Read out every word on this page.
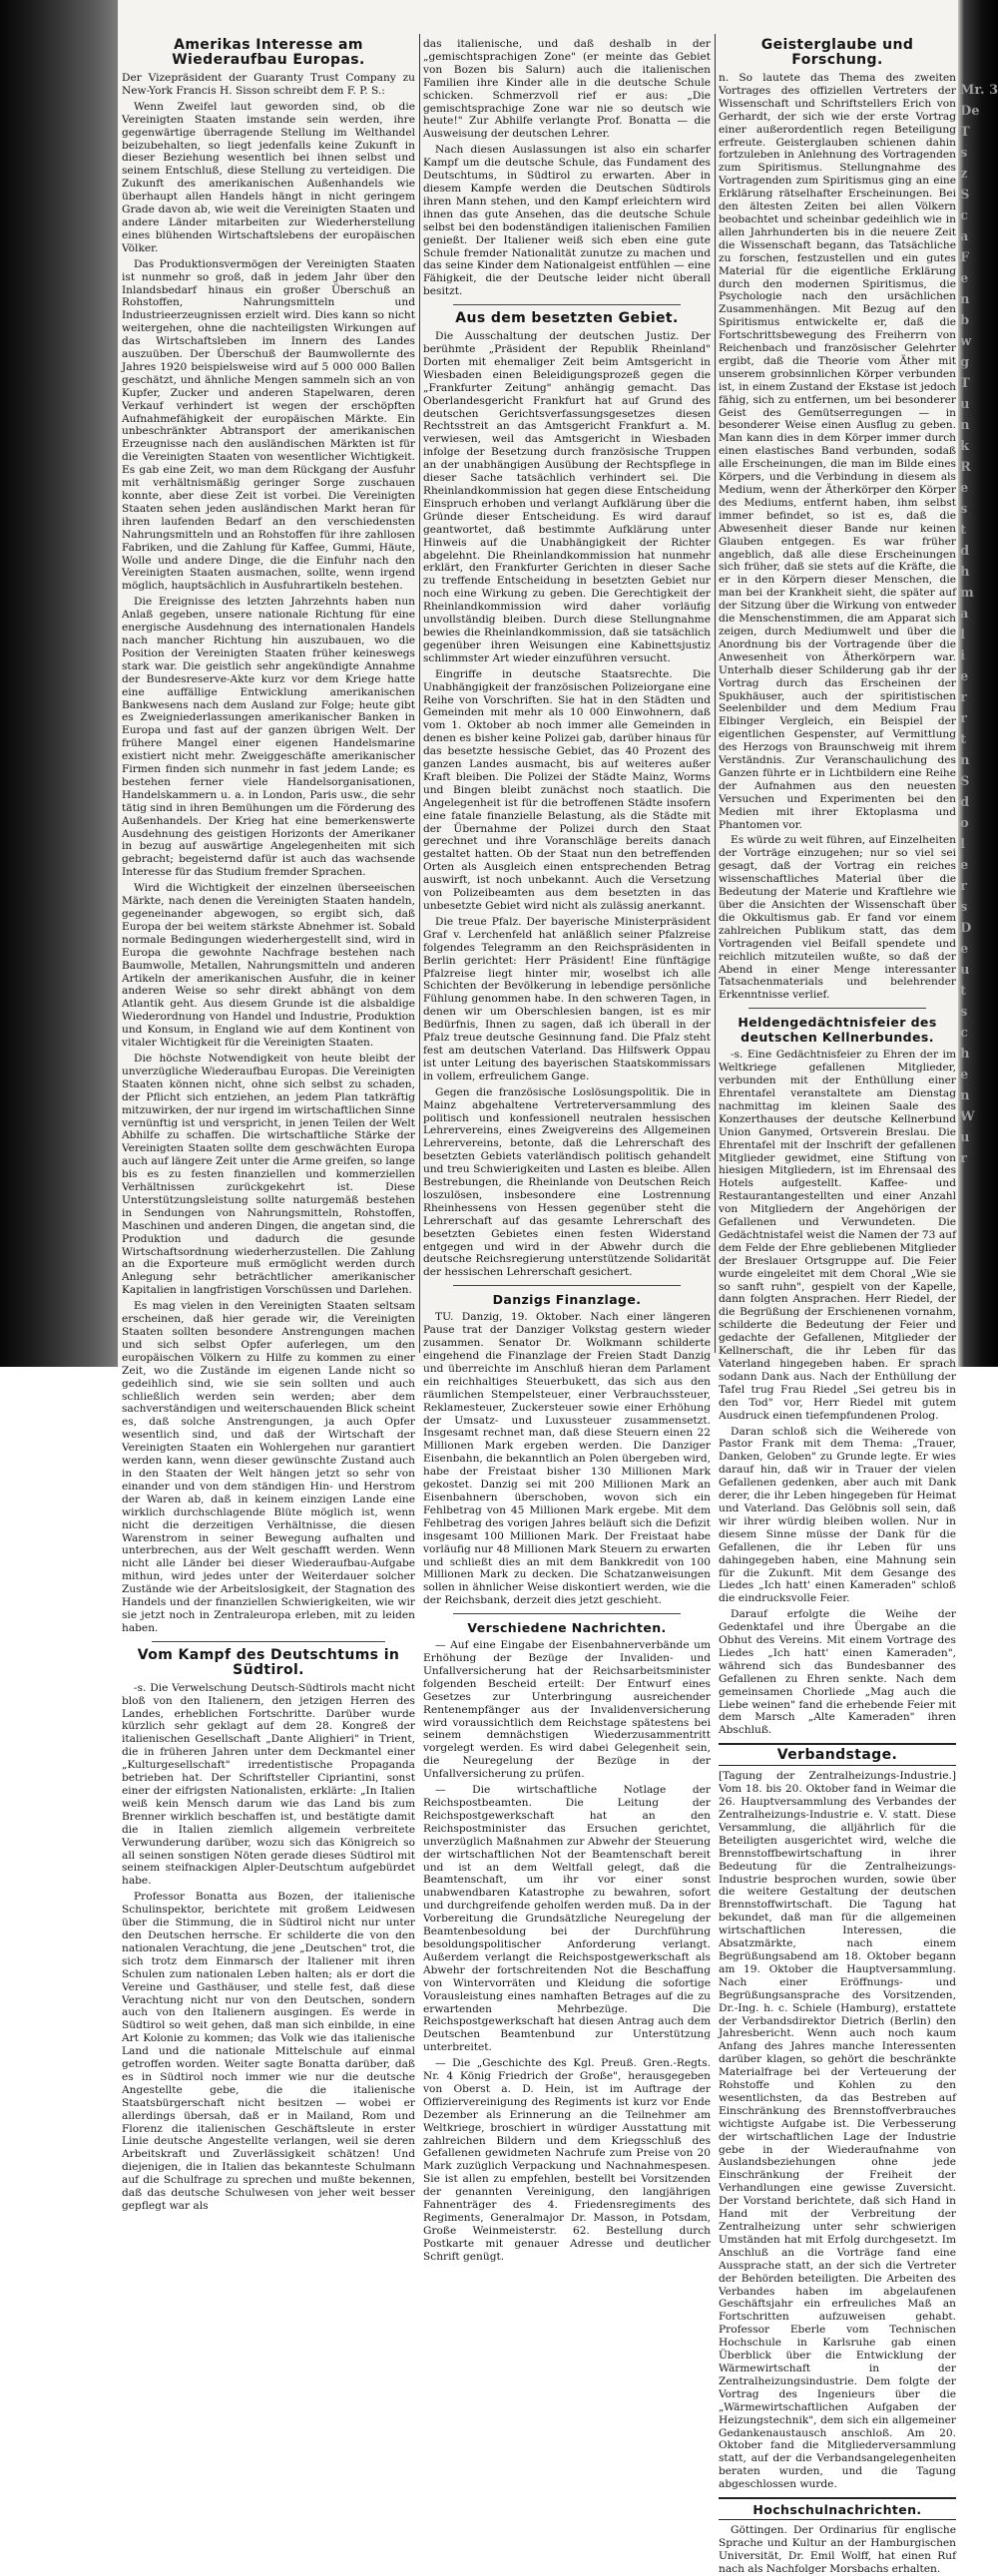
Mr. 3
De
T
s
z
S
c
a
F
e
n
b
w
g
T
u
n
k
R
e
s
t
d
h
m
a
l
i
e
r
r
t
n
S
d
o
l
e
r
s
D
e
u
t
s
c
h
e
n
W
u
r
Amerikas Interesse am Wiederaufbau Europas.

Der Vizepräsident der Guaranty Trust Company zu New-York Francis H. Sisson schreibt dem F. P. S.:

Wenn Zweifel laut geworden sind, ob die Vereinigten Staaten imstande sein werden, ihre gegenwärtige überragende Stellung im Welthandel beizubehalten, so liegt jedenfalls keine Zukunft in dieser Beziehung wesentlich bei ihnen selbst und seinem Entschluß, diese Stellung zu verteidigen. Die Zukunft des amerikanischen Außenhandels wie überhaupt allen Handels hängt in nicht geringem Grade davon ab, wie weit die Vereinigten Staaten und andere Länder mitarbeiten zur Wiederherstellung eines blühenden Wirtschaftslebens der europäischen Völker.

Das Produktionsvermögen der Vereinigten Staaten ist nunmehr so groß, daß in jedem Jahr über den Inlandsbedarf hinaus ein großer Überschuß an Rohstoffen, Nahrungsmitteln und Industrieerzeugnissen erzielt wird. Dies kann so nicht weitergehen, ohne die nachteiligsten Wirkungen auf das Wirtschaftsleben im Innern des Landes auszuüben. Der Überschuß der Baumwollernte des Jahres 1920 beispielsweise wird auf 5 000 000 Ballen geschätzt, und ähnliche Mengen sammeln sich an von Kupfer, Zucker und anderen Stapelwaren, deren Verkauf verhindert ist wegen der erschöpften Aufnahmefähigkeit der europäischen Märkte. Ein unbeschränkter Abtransport der amerikanischen Erzeugnisse nach den ausländischen Märkten ist für die Vereinigten Staaten von wesentlicher Wichtigkeit. Es gab eine Zeit, wo man dem Rückgang der Ausfuhr mit verhältnismäßig geringer Sorge zuschauen konnte, aber diese Zeit ist vorbei. Die Vereinigten Staaten sehen jeden ausländischen Markt heran für ihren laufenden Bedarf an den verschiedensten Nahrungsmitteln und an Rohstoffen für ihre zahllosen Fabriken, und die Zahlung für Kaffee, Gummi, Häute, Wolle und andere Dinge, die die Einfuhr nach den Vereinigten Staaten ausmachen, sollte, wenn irgend möglich, hauptsächlich in Ausfuhrartikeln bestehen.

Die Ereignisse des letzten Jahrzehnts haben nun Anlaß gegeben, unsere nationale Richtung für eine energische Ausdehnung des internationalen Handels nach mancher Richtung hin auszubauen, wo die Position der Vereinigten Staaten früher keineswegs stark war. Die geistlich sehr angekündigte Annahme der Bundesreserve-Akte kurz vor dem Kriege hatte eine auffällige Entwicklung amerikanischen Bankwesens nach dem Ausland zur Folge; heute gibt es Zweigniederlassungen amerikanischer Banken in Europa und fast auf der ganzen übrigen Welt. Der frühere Mangel einer eigenen Handelsmarine existiert nicht mehr. Zweiggeschäfte amerikanischer Firmen finden sich nunmehr in fast jedem Lande; es bestehen ferner viele Handelsorganisationen, Handelskammern u. a. in London, Paris usw., die sehr tätig sind in ihren Bemühungen um die Förderung des Außenhandels. Der Krieg hat eine bemerkenswerte Ausdehnung des geistigen Horizonts der Amerikaner in bezug auf auswärtige Angelegenheiten mit sich gebracht; begeisternd dafür ist auch das wachsende Interesse für das Studium fremder Sprachen.

Wird die Wichtigkeit der einzelnen überseeischen Märkte, nach denen die Vereinigten Staaten handeln, gegeneinander abgewogen, so ergibt sich, daß Europa der bei weitem stärkste Abnehmer ist. Sobald normale Bedingungen wiederhergestellt sind, wird in Europa die gewohnte Nachfrage bestehen nach Baumwolle, Metallen, Nahrungsmitteln und anderen Artikeln der amerikanischen Ausfuhr, die in keiner anderen Weise so sehr direkt abhängt von dem Atlantik geht. Aus diesem Grunde ist die alsbaldige Wiederordnung von Handel und Industrie, Produktion und Konsum, in England wie auf dem Kontinent von vitaler Wichtigkeit für die Vereinigten Staaten.

Die höchste Notwendigkeit von heute bleibt der unverzügliche Wiederaufbau Europas. Die Vereinigten Staaten können nicht, ohne sich selbst zu schaden, der Pflicht sich entziehen, an jedem Plan tatkräftig mitzuwirken, der nur irgend im wirtschaftlichen Sinne vernünftig ist und verspricht, in jenen Teilen der Welt Abhilfe zu schaffen. Die wirtschaftliche Stärke der Vereinigten Staaten sollte dem geschwächten Europa auch auf längere Zeit unter die Arme greifen, so lange bis es zu festen finanziellen und kommerziellen Verhältnissen zurückgekehrt ist. Diese Unterstützungsleistung sollte naturgemäß bestehen in Sendungen von Nahrungsmitteln, Rohstoffen, Maschinen und anderen Dingen, die angetan sind, die Produktion und dadurch die gesunde Wirtschaftsordnung wiederherzustellen. Die Zahlung an die Exporteure muß ermöglicht werden durch Anlegung sehr beträchtlicher amerikanischer Kapitalien in langfristigen Vorschüssen und Darlehen.

Es mag vielen in den Vereinigten Staaten seltsam erscheinen, daß hier gerade wir, die Vereinigten Staaten sollten besondere Anstrengungen machen und sich selbst Opfer auferlegen, um den europäischen Völkern zu Hilfe zu kommen zu einer Zeit, wo die Zustände im eigenen Lande nicht so gedeihlich sind, wie sie sein sollten und auch schließlich werden sein werden; aber dem sachverständigen und weiterschauenden Blick scheint es, daß solche Anstrengungen, ja auch Opfer wesentlich sind, und daß der Wirtschaft der Vereinigten Staaten ein Wohlergehen nur garantiert werden kann, wenn dieser gewünschte Zustand auch in den Staaten der Welt hängen jetzt so sehr von einander und von dem ständigen Hin- und Herstrom der Waren ab, daß in keinem einzigen Lande eine wirklich durchschlagende Blüte möglich ist, wenn nicht die derzeitigen Verhältnisse, die diesen Warenstrom in seiner Bewegung aufhalten und unterbrechen, aus der Welt geschafft werden. Wenn nicht alle Länder bei dieser Wiederaufbau-Aufgabe mithun, wird jedes unter der Weiterdauer solcher Zustände wie der Arbeitslosigkeit, der Stagnation des Handels und der finanziellen Schwierigkeiten, wie wir sie jetzt noch in Zentraleuropa erleben, mit zu leiden haben.

Vom Kampf des Deutschtums in Südtirol.

-s. Die Verwelschung Deutsch-Südtirols macht nicht bloß von den Italienern, den jetzigen Herren des Landes, erheblichen Fortschritte. Darüber wurde kürzlich sehr geklagt auf dem 28. Kongreß der italienischen Gesellschaft „Dante Alighieri" in Trient, die in früheren Jahren unter dem Deckmantel einer „Kulturgesellschaft" irredentistische Propaganda betrieben hat. Der Schriftsteller Cipriantini, sonst einer der eifrigsten Nationalisten, erklärte: „In Italien weiß kein Mensch darum wie das Land bis zum Brenner wirklich beschaffen ist, und bestätigte damit die in Italien ziemlich allgemein verbreitete Verwunderung darüber, wozu sich das Königreich so all seinen sonstigen Nöten gerade dieses Südtirol mit seinem steifnackigen Alpler-Deutschtum aufgebürdet habe.

Professor Bonatta aus Bozen, der italienische Schulinspektor, berichtete mit großem Leidwesen über die Stimmung, die in Südtirol nicht nur unter den Deutschen herrsche. Er schilderte die von den nationalen Verachtung, die jene „Deutschen" trot, die sich trotz dem Einmarsch der Italiener mit ihren Schulen zum nationalen Leben halten; als er dort die Vereine und Gasthäuser, und stelle fest, daß diese Verachtung nicht nur von den Deutschen, sondern auch von den Italienern ausgingen. Es werde in Südtirol so weit gehen, daß man sich einbilde, in eine Art Kolonie zu kommen; das Volk wie das italienische Land und die nationale Mittelschule auf einmal getroffen worden. Weiter sagte Bonatta darüber, daß es in Südtirol noch immer wie nur die deutsche Angestellte gebe, die die italienische Staatsbürgerschaft nicht besitzen — wobei er allerdings übersah, daß er in Mailand, Rom und Florenz die italienischen Geschäftsleute in erster Linie deutsche Angestellte verlangen, weil sie deren Arbeitskraft und Zuverlässigkeit schätzen! Und diejenigen, die in Italien das bekannteste Schulmann auf die Schulfrage zu sprechen und mußte bekennen, daß das deutsche Schulwesen von jeher weit besser gepflegt war als

das italienische, und daß deshalb in der „gemischtsprachigen Zone" (er meinte das Gebiet von Bozen bis Salurn) auch die italienischen Familien ihre Kinder alle in die deutsche Schule schicken. Schmerzvoll rief er aus: „Die gemischtsprachige Zone war nie so deutsch wie heute!" Zur Abhilfe verlangte Prof. Bonatta — die Ausweisung der deutschen Lehrer.

Nach diesen Auslassungen ist also ein scharfer Kampf um die deutsche Schule, das Fundament des Deutschtums, in Südtirol zu erwarten. Aber in diesem Kampfe werden die Deutschen Südtirols ihren Mann stehen, und den Kampf erleichtern wird ihnen das gute Ansehen, das die deutsche Schule selbst bei den bodenständigen italienischen Familien genießt. Der Italiener weiß sich eben eine gute Schule fremder Nationalität zunutze zu machen und das seine Kinder dem Nationalgeist entfühlen — eine Fähigkeit, die der Deutsche leider nicht überall besitzt.

Aus dem besetzten Gebiet.

Die Ausschaltung der deutschen Justiz. Der berühmte „Präsident der Republik Rheinland" Dorten mit ehemaliger Zeit beim Amtsgericht in Wiesbaden einen Beleidigungsprozeß gegen die „Frankfurter Zeitung" anhängig gemacht. Das Oberlandesgericht Frankfurt hat auf Grund des deutschen Gerichtsverfassungsgesetzes diesen Rechtsstreit an das Amtsgericht Frankfurt a. M. verwiesen, weil das Amtsgericht in Wiesbaden infolge der Besetzung durch französische Truppen an der unabhängigen Ausübung der Rechtspflege in dieser Sache tatsächlich verhindert sei. Die Rheinlandkommission hat gegen diese Entscheidung Einspruch erhoben und verlangt Aufklärung über die Gründe dieser Entscheidung. Es wird darauf geantwortet, daß bestimmte Aufklärung unter Hinweis auf die Unabhängigkeit der Richter abgelehnt. Die Rheinlandkommission hat nunmehr erklärt, den Frankfurter Gerichten in dieser Sache zu treffende Entscheidung in besetzten Gebiet nur noch eine Wirkung zu geben. Die Gerechtigkeit der Rheinlandkommission wird daher vorläufig unvollständig bleiben. Durch diese Stellungnahme bewies die Rheinlandkommission, daß sie tatsächlich gegenüber ihren Weisungen eine Kabinettsjustiz schlimmster Art wieder einzuführen versucht.

Eingriffe in deutsche Staatsrechte. Die Unabhängigkeit der französischen Polizeiorgane eine Reihe von Vorschriften. Sie hat in den Städten und Gemeinden mit mehr als 10 000 Einwohnern, daß vom 1. Oktober ab noch immer alle Gemeinden in denen es bisher keine Polizei gab, darüber hinaus für das besetzte hessische Gebiet, das 40 Prozent des ganzen Landes ausmacht, bis auf weiteres außer Kraft bleiben. Die Polizei der Städte Mainz, Worms und Bingen bleibt zunächst noch staatlich. Die Angelegenheit ist für die betroffenen Städte insofern eine fatale finanzielle Belastung, als die Städte mit der Übernahme der Polizei durch den Staat gerechnet und ihre Voranschläge bereits danach gestaltet hatten. Ob der Staat nun den betreffenden Orten als Ausgleich einen entsprechenden Betrag auswirft, ist noch unbekannt. Auch die Versetzung von Polizeibeamten aus dem besetzten in das unbesetzte Gebiet wird nicht als zulässig anerkannt.

Die treue Pfalz. Der bayerische Ministerpräsident Graf v. Lerchenfeld hat anläßlich seiner Pfalzreise folgendes Telegramm an den Reichspräsidenten in Berlin gerichtet: Herr Präsident! Eine fünftägige Pfalzreise liegt hinter mir, woselbst ich alle Schichten der Bevölkerung in lebendige persönliche Fühlung genommen habe. In den schweren Tagen, in denen wir um Oberschlesien bangen, ist es mir Bedürfnis, Ihnen zu sagen, daß ich überall in der Pfalz treue deutsche Gesinnung fand. Die Pfalz steht fest am deutschen Vaterland. Das Hilfswerk Oppau ist unter Leitung des bayerischen Staatskommissars in vollem, erfreulichem Gange.

Gegen die französische Loslösungspolitik. Die in Mainz abgehaltene Vertreterversammlung des politisch und konfessionell neutralen hessischen Lehrervereins, eines Zweigvereins des Allgemeinen Lehrervereins, betonte, daß die Lehrerschaft des besetzten Gebiets vaterländisch politisch gehandelt und treu Schwierigkeiten und Lasten es bleibe. Allen Bestrebungen, die Rheinlande von Deutschen Reich loszulösen, insbesondere eine Lostrennung Rheinhessens von Hessen gegenüber steht die Lehrerschaft auf das gesamte Lehrerschaft des besetzten Gebietes einen festen Widerstand entgegen und wird in der Abwehr durch die deutsche Reichsregierung unterstützende Solidarität der hessischen Lehrerschaft gesichert.

Danzigs Finanzlage.

TU. Danzig, 19. Oktober. Nach einer längeren Pause trat der Danziger Volkstag gestern wieder zusammen. Senator Dr. Wolkmann schilderte eingehend die Finanzlage der Freien Stadt Danzig und überreichte im Anschluß hieran dem Parlament ein reichhaltiges Steuerbukett, das sich aus den räumlichen Stempelsteuer, einer Verbrauchssteuer, Reklamesteuer, Zuckersteuer sowie einer Erhöhung der Umsatz- und Luxussteuer zusammensetzt. Insgesamt rechnet man, daß diese Steuern einen 22 Millionen Mark ergeben werden. Die Danziger Eisenbahn, die bekanntlich an Polen übergeben wird, habe der Freistaat bisher 130 Millionen Mark gekostet. Danzig sei mit 200 Millionen Mark an Eisenbahnern überschoben, wovon sich ein Fehlbetrag von 45 Millionen Mark ergebe. Mit dem Fehlbetrag des vorigen Jahres beläuft sich die Defizit insgesamt 100 Millionen Mark. Der Freistaat habe vorläufig nur 48 Millionen Mark Steuern zu erwarten und schließt dies an mit dem Bankkredit von 100 Millionen Mark zu decken. Die Schatzanweisungen sollen in ähnlicher Weise diskontiert werden, wie die der Reichsbank, derzeit dies jetzt geschieht.

Verschiedene Nachrichten.

— Auf eine Eingabe der Eisenbahnerverbände um Erhöhung der Bezüge der Invaliden- und Unfallversicherung hat der Reichsarbeitsminister folgenden Bescheid erteilt: Der Entwurf eines Gesetzes zur Unterbringung ausreichender Rentenempfänger aus der Invalidenversicherung wird voraussichtlich dem Reichstage spätestens bei seinem demnächstigen Wiederzusammentritt vorgelegt werden. Es wird dabei Gelegenheit sein, die Neuregelung der Bezüge in der Unfallversicherung zu prüfen.

— Die wirtschaftliche Notlage der Reichspostbeamten. Die Leitung der Reichspostgewerkschaft hat an den Reichspostminister das Ersuchen gerichtet, unverzüglich Maßnahmen zur Abwehr der Steuerung der wirtschaftlichen Not der Beamtenschaft bereit und ist an dem Weltfall gelegt, daß die Beamtenschaft, um ihr vor einer sonst unabwendbaren Katastrophe zu bewahren, sofort und durchgreifende geholfen werden muß. Da in der Vorbereitung die Grundsätzliche Neuregelung der Beamtenbesoldung bei der Durchführung besoldungspolitischer Anforderung verlangt. Außerdem verlangt die Reichspostgewerkschaft als Abwehr der fortschreitenden Not die Beschaffung von Wintervorräten und Kleidung die sofortige Vorausleistung eines namhaften Betrages auf die zu erwartenden Mehrbezüge. Die Reichspostgewerkschaft hat diesen Antrag auch dem Deutschen Beamtenbund zur Unterstützung unterbreitet.

— Die „Geschichte des Kgl. Preuß. Gren.-Regts. Nr. 4 König Friedrich der Große", herausgegeben von Oberst a. D. Hein, ist im Auftrage der Offiziervereinigung des Regiments ist kurz vor Ende Dezember als Erinnerung an die Teilnehmer am Weltkriege, broschiert in würdiger Ausstattung mit zahlreichen Bildern und dem Kriegsschluß des Gefallenen gewidmeten Nachrufe zum Preise von 20 Mark zuzüglich Verpackung und Nachnahmespesen. Sie ist allen zu empfehlen, bestellt bei Vorsitzenden der genannten Vereinigung, den langjährigen Fahnenträger des 4. Friedensregiments des Regiments, Generalmajor Dr. Masson, in Potsdam, Große Weinmeisterstr. 62. Bestellung durch Postkarte mit genauer Adresse und deutlicher Schrift genügt.

Geisterglaube und Forschung.

n. So lautete das Thema des zweiten Vortrages des offiziellen Vertreters der Wissenschaft und Schriftstellers Erich von Gerhardt, der sich wie der erste Vortrag einer außerordentlich regen Beteiligung erfreute. Geisterglauben schienen dahin fortzuleben in Anlehnung des Vortragenden zum Spiritismus. Stellungnahme des Vortragenden zum Spiritismus ging an eine Erklärung rätselhafter Erscheinungen. Bei den ältesten Zeiten bei allen Völkern beobachtet und scheinbar gedeihlich wie in allen Jahrhunderten bis in die neuere Zeit die Wissenschaft begann, das Tatsächliche zu forschen, festzustellen und ein gutes Material für die eigentliche Erklärung durch den modernen Spiritismus, die Psychologie nach den ursächlichen Zusammenhängen. Mit Bezug auf den Spiritismus entwickelte er, daß die Fortschrittsbewegung des Freiherrn von Reichenbach und französischer Gelehrter ergibt, daß die Theorie vom Äther mit unserem grobsinnlichen Körper verbunden ist, in einem Zustand der Ekstase ist jedoch fähig, sich zu entfernen, um bei besonderer Geist des Gemütserregungen — in besonderer Weise einen Ausflug zu geben. Man kann dies in dem Körper immer durch einen elastisches Band verbunden, sodaß alle Erscheinungen, die man im Bilde eines Körpers, und die Verbindung in diesem als Medium, wenn der Ätherkörper den Körper des Mediums, entfernt haben, ihm selbst immer befindet, so ist es, daß die Abwesenheit dieser Bande nur keinen Glauben entgegen. Es war früher angeblich, daß alle diese Erscheinungen sich früher, daß sie stets auf die Kräfte, die er in den Körpern dieser Menschen, die man bei der Krankheit sieht, die später auf der Sitzung über die Wirkung von entweder die Menschenstimmen, die am Apparat sich zeigen, durch Mediumwelt und über die Anordnung bis der Vortragende über die Anwesenheit von Ätherkörpern war. Unterhalb dieser Schilderung gab ihr der Vortrag durch das Erscheinen der Spukhäuser, auch der spiritistischen Seelenbilder und dem Medium Frau Elbinger Vergleich, ein Beispiel der eigentlichen Gespenster, auf Vermittlung des Herzogs von Braunschweig mit ihrem Verständnis. Zur Veranschaulichung des Ganzen führte er in Lichtbildern eine Reihe der Aufnahmen aus den neuesten Versuchen und Experimenten bei den Medien mit ihrer Ektoplasma und Phantomen vor.

Es würde zu weit führen, auf Einzelheiten der Vorträge einzugehen; nur so viel sei gesagt, daß der Vortrag ein reiches wissenschaftliches Material über die Bedeutung der Materie und Kraftlehre wie über die Ansichten der Wissenschaft über die Okkultismus gab. Er fand vor einem zahlreichen Publikum statt, das dem Vortragenden viel Beifall spendete und reichlich mitzuteilen wußte, so daß der Abend in einer Menge interessanter Tatsachenmaterials und belehrender Erkenntnisse verlief.

Heldengedächtnisfeier des deutschen Kellnerbundes.

-s. Eine Gedächtnisfeier zu Ehren der im Weltkriege gefallenen Mitglieder, verbunden mit der Enthüllung einer Ehrentafel veranstaltete am Dienstag nachmittag im kleinen Saale des Konzerthauses der deutsche Kellnerbund Union Ganymed, Ortsverein Breslau. Die Ehrentafel mit der Inschrift der gefallenen Mitglieder gewidmet, eine Stiftung von hiesigen Mitgliedern, ist im Ehrensaal des Hotels aufgestellt. Kaffee- und Restaurantangestellten und einer Anzahl von Mitgliedern der Angehörigen der Gefallenen und Verwundeten. Die Gedächtnistafel weist die Namen der 73 auf dem Felde der Ehre gebliebenen Mitglieder der Breslauer Ortsgruppe auf. Die Feier wurde eingeleitet mit dem Choral „Wie sie so sanft ruhn", gespielt von der Kapelle, dann folgten Ansprachen. Herr Riedel, der die Begrüßung der Erschienenen vornahm, schilderte die Bedeutung der Feier und gedachte der Gefallenen, Mitglieder der Kellnerschaft, die ihr Leben für das Vaterland hingegeben haben. Er sprach sodann Dank aus. Nach der Enthüllung der Tafel trug Frau Riedel „Sei getreu bis in den Tod" vor, Herr Riedel mit gutem Ausdruck einen tiefempfundenen Prolog.

Daran schloß sich die Weiherede von Pastor Frank mit dem Thema: „Trauer, Danken, Geloben" zu Grunde legte. Er wies darauf hin, daß wir in Trauer der vielen Gefallenen gedenken, aber auch mit Dank derer, die ihr Leben hingegeben für Heimat und Vaterland. Das Gelöbnis soll sein, daß wir ihrer würdig bleiben wollen. Nur in diesem Sinne müsse der Dank für die Gefallenen, die ihr Leben für uns dahingegeben haben, eine Mahnung sein für die Zukunft. Mit dem Gesange des Liedes „Ich hatt' einen Kameraden" schloß die eindrucksvolle Feier.

Darauf erfolgte die Weihe der Gedenktafel und ihre Übergabe an die Obhut des Vereins. Mit einem Vortrage des Liedes „Ich hatt' einen Kameraden", während sich das Bundesbanner des Gefallenen zu Ehren senkte. Nach dem gemeinsamen Chorliede „Mag auch die Liebe weinen" fand die erhebende Feier mit dem Marsch „Alte Kameraden" ihren Abschluß.

Verbandstage.

[Tagung der Zentralheizungs-Industrie.] Vom 18. bis 20. Oktober fand in Weimar die 26. Hauptversammlung des Verbandes der Zentralheizungs-Industrie e. V. statt. Diese Versammlung, die alljährlich für die Beteiligten ausgerichtet wird, welche die Brennstoffbewirtschaftung in ihrer Bedeutung für die Zentralheizungs-Industrie besprochen wurden, sowie über die weitere Gestaltung der deutschen Brennstoffwirtschaft. Die Tagung hat bekundet, daß man für die allgemeinen wirtschaftlichen Interessen, die Absatzmärkte, nach einem Begrüßungsabend am 18. Oktober begann am 19. Oktober die Hauptversammlung. Nach einer Eröffnungs- und Begrüßungsansprache des Vorsitzenden, Dr.-Ing. h. c. Schiele (Hamburg), erstattete der Verbandsdirektor Dietrich (Berlin) den Jahresbericht. Wenn auch noch kaum Anfang des Jahres manche Interessenten darüber klagen, so gehört die beschränkte Materialfrage bei der Verteuerung der Rohstoffe und Kohlen zu den wesentlichsten, da das Bestreben auf Einschränkung des Brennstoffverbrauches wichtigste Aufgabe ist. Die Verbesserung der wirtschaftlichen Lage der Industrie gebe in der Wiederaufnahme von Auslandsbeziehungen ohne jede Einschränkung der Freiheit der Verhandlungen eine gewisse Zuversicht. Der Vorstand berichtete, daß sich Hand in Hand mit der Verbreitung der Zentralheizung unter sehr schwierigen Umständen hat mit Erfolg durchgesetzt. Im Anschluß an die Vorträge fand eine Aussprache statt, an der sich die Vertreter der Behörden beteiligten. Die Arbeiten des Verbandes haben im abgelaufenen Geschäftsjahr ein erfreuliches Maß an Fortschritten aufzuweisen gehabt. Professor Eberle vom Technischen Hochschule in Karlsruhe gab einen Überblick über die Entwicklung der Wärmewirtschaft in der Zentralheizungsindustrie. Dem folgte der Vortrag des Ingenieurs über die „Wärmewirtschaftlichen Aufgaben der Heizungstechnik", dem sich ein allgemeiner Gedankenaustausch anschloß. Am 20. Oktober fand die Mitgliederversammlung statt, auf der die Verbandsangelegenheiten beraten wurden, und die Tagung abgeschlossen wurde.

Hochschulnachrichten.

Göttingen. Der Ordinarius für englische Sprache und Kultur an der Hamburgischen Universität, Dr. Emil Wolff, hat einen Ruf nach als Nachfolger Morsbachs erhalten.
